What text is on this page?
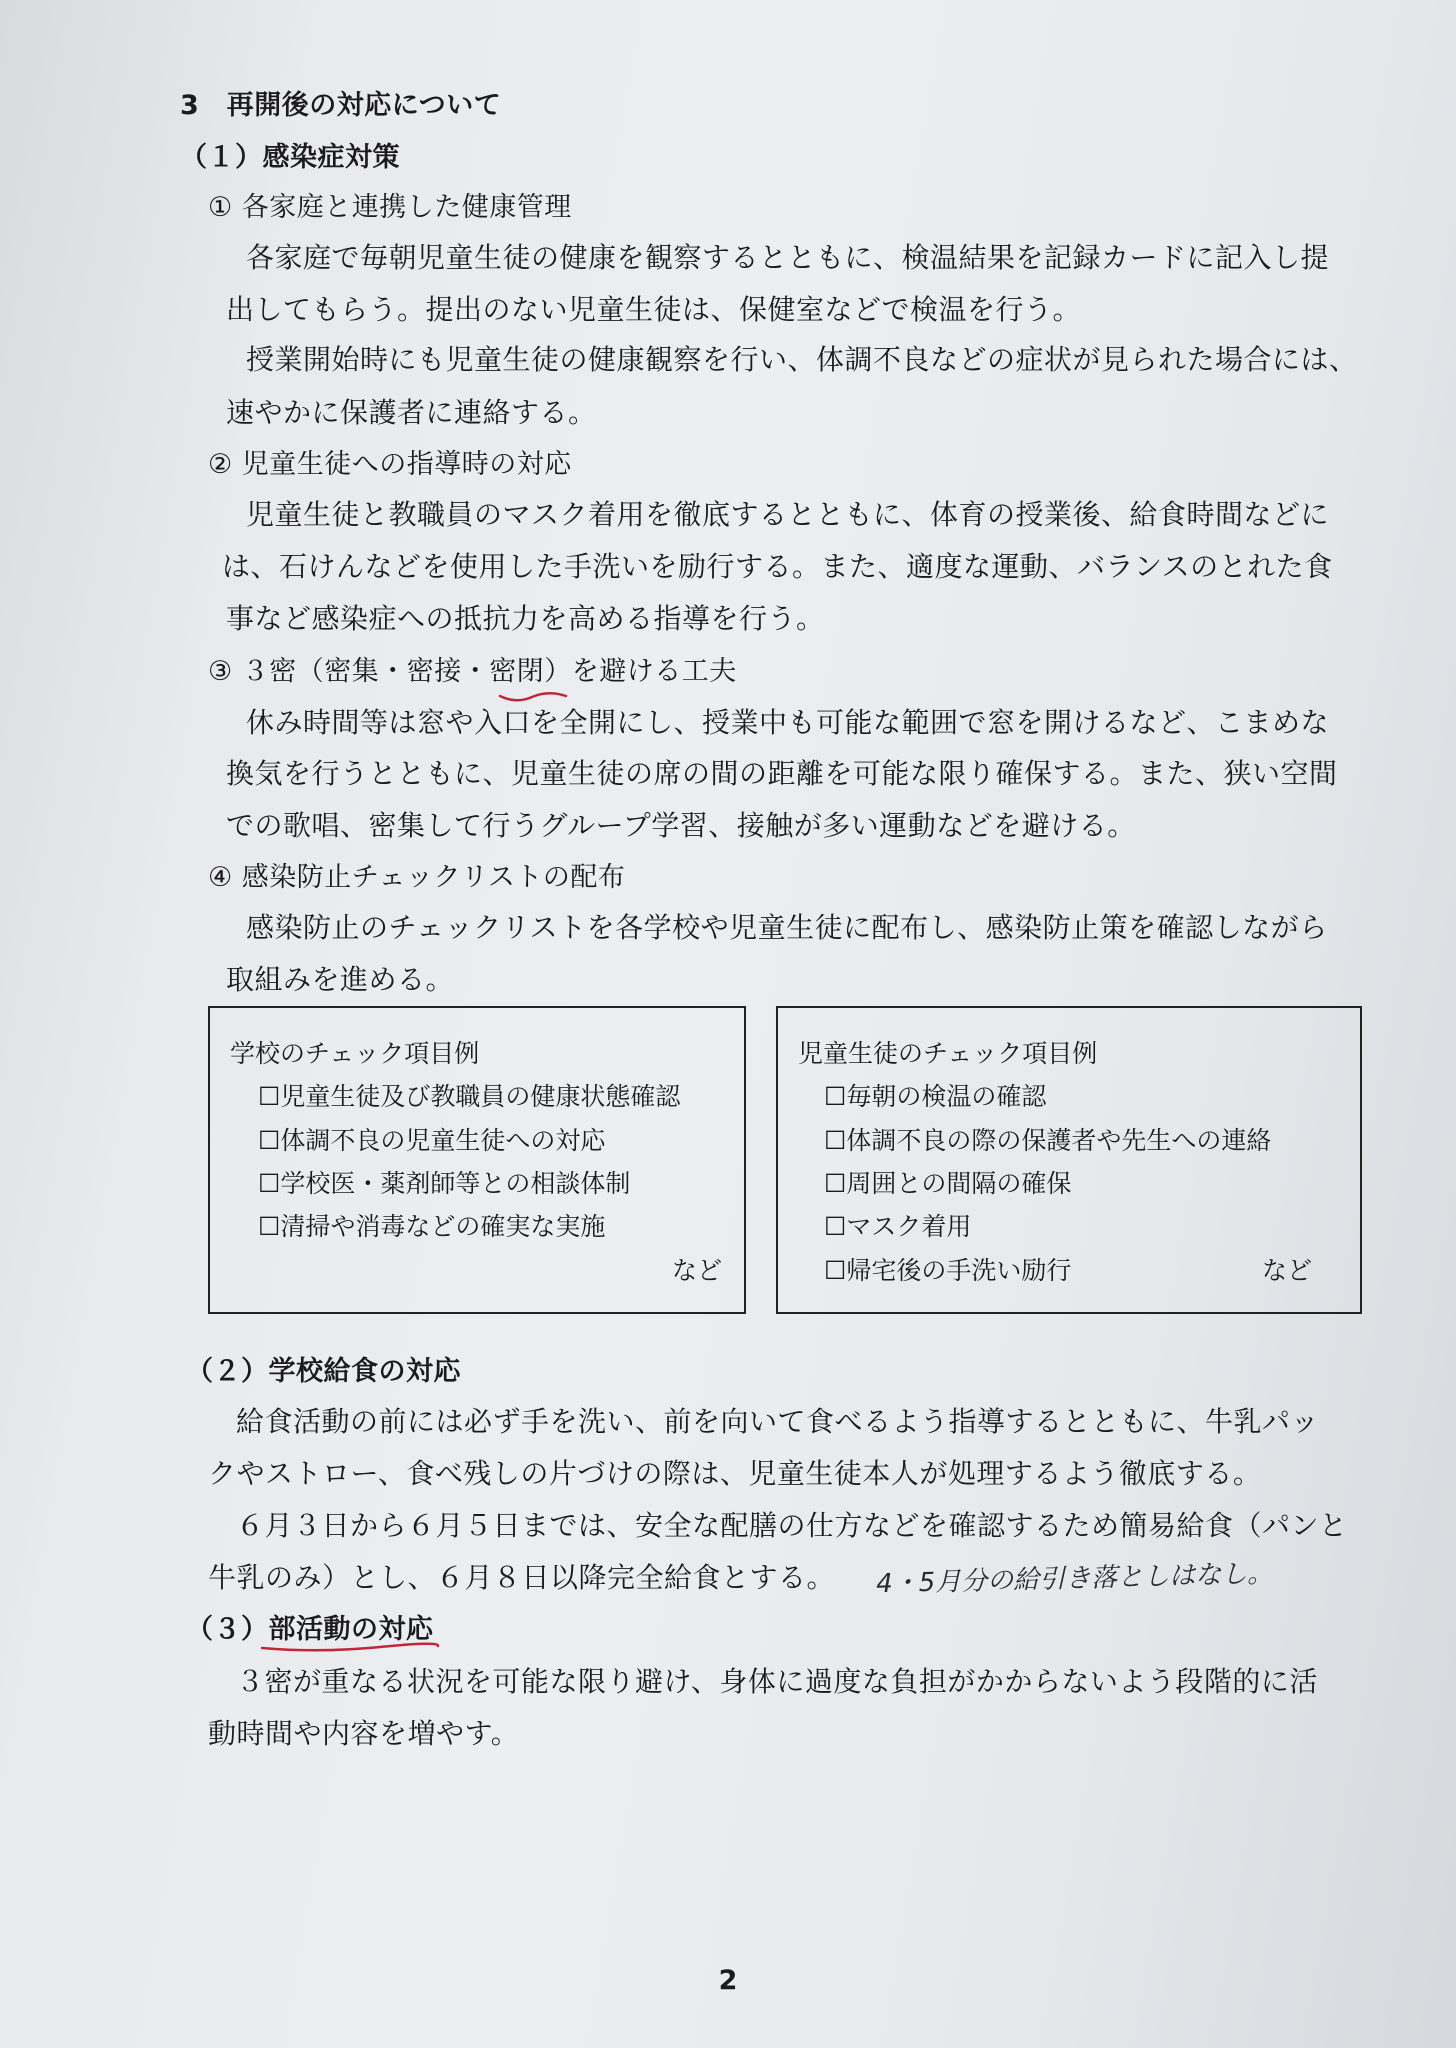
3　再開後の対応について
（１）感染症対策
① 各家庭と連携した健康管理
各家庭で毎朝児童生徒の健康を観察するとともに、検温結果を記録カードに記入し提
出してもらう。提出のない児童生徒は、保健室などで検温を行う。
授業開始時にも児童生徒の健康観察を行い、体調不良などの症状が見られた場合には、
速やかに保護者に連絡する。
② 児童生徒への指導時の対応
児童生徒と教職員のマスク着用を徹底するとともに、体育の授業後、給食時間などに
は、石けんなどを使用した手洗いを励行する。また、適度な運動、バランスのとれた食
事など感染症への抵抗力を高める指導を行う。
③ ３密（密集・密接・密閉）を避ける工夫
休み時間等は窓や入口を全開にし、授業中も可能な範囲で窓を開けるなど、こまめな
換気を行うとともに、児童生徒の席の間の距離を可能な限り確保する。また、狭い空間
での歌唱、密集して行うグループ学習、接触が多い運動などを避ける。
④ 感染防止チェックリストの配布
感染防止のチェックリストを各学校や児童生徒に配布し、感染防止策を確認しながら
取組みを進める。
学校のチェック項目例
☐児童生徒及び教職員の健康状態確認
☐体調不良の児童生徒への対応
☐学校医・薬剤師等との相談体制
☐清掃や消毒などの確実な実施
など
児童生徒のチェック項目例
☐毎朝の検温の確認
☐体調不良の際の保護者や先生への連絡
☐周囲との間隔の確保
☐マスク着用
☐帰宅後の手洗い励行	など
（２）学校給食の対応
給食活動の前には必ず手を洗い、前を向いて食べるよう指導するとともに、牛乳パッ
クやストロー、食べ残しの片づけの際は、児童生徒本人が処理するよう徹底する。
６月３日から６月５日までは、安全な配膳の仕方などを確認するため簡易給食（パンと
牛乳のみ）とし、６月８日以降完全給食とする。 4・5月分の給引き落としはなし。
（３）部活動の対応
３密が重なる状況を可能な限り避け、身体に過度な負担がかからないよう段階的に活
動時間や内容を増やす。
2
